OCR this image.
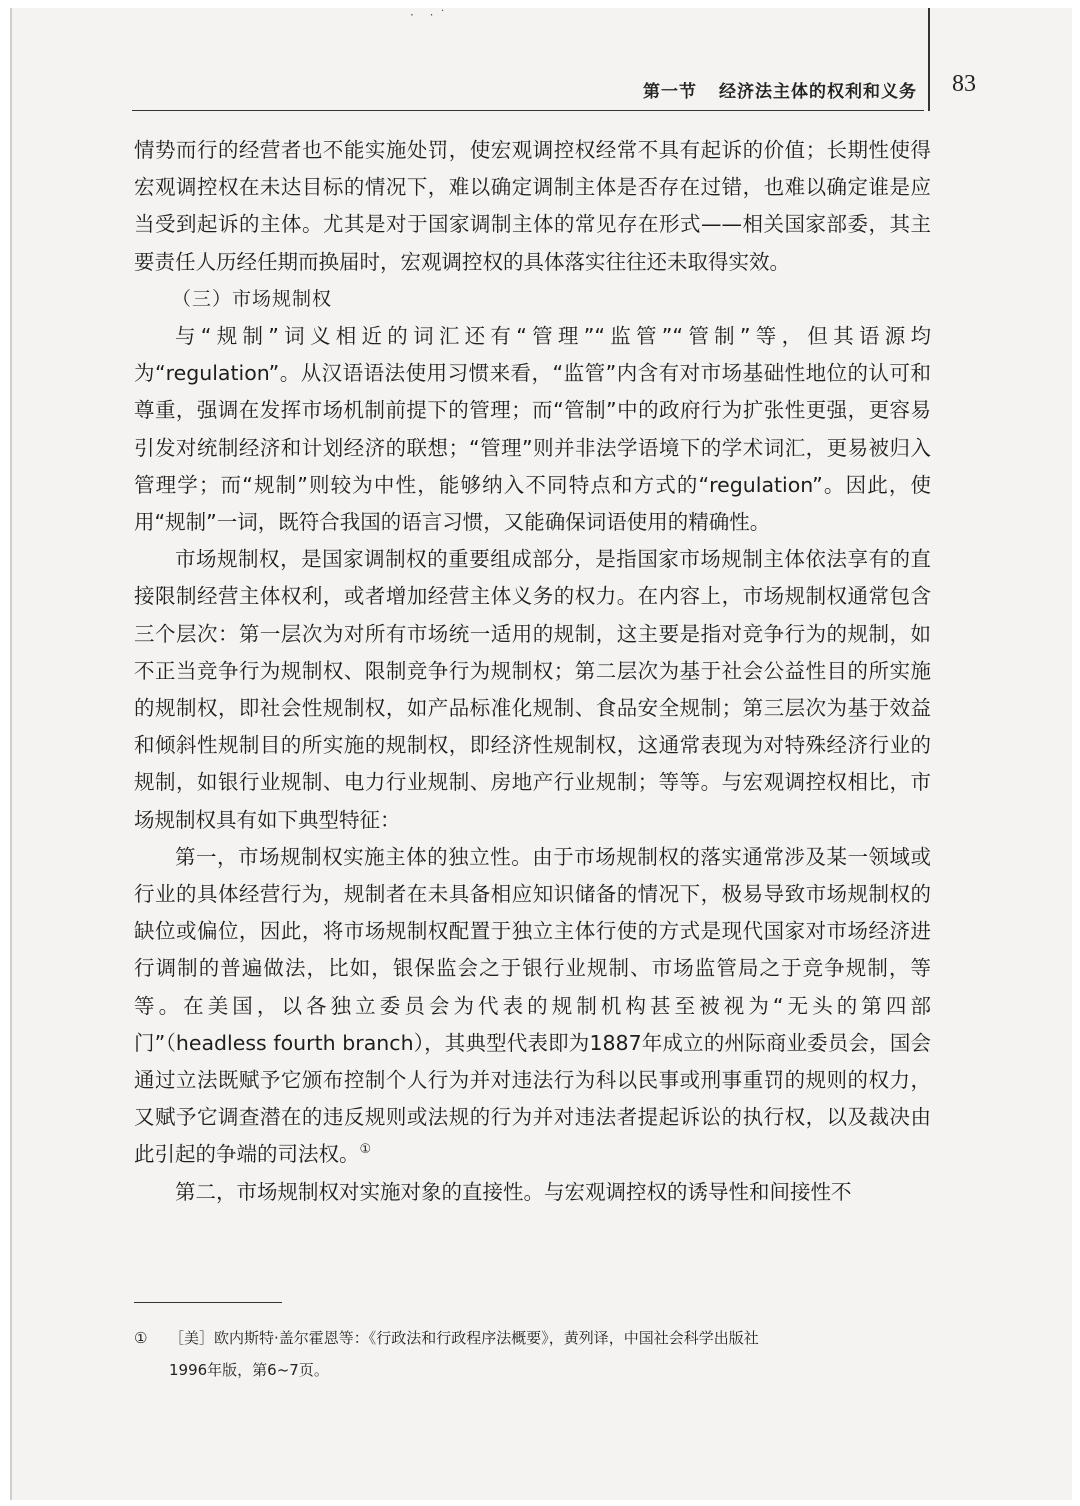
· ·˙
第一节 经济法主体的权利和义务 83

情势而行的经营者也不能实施处罚，使宏观调控权经常不具有起诉的价值；长期性使得宏观调控权在未达目标的情况下，难以确定调制主体是否存在过错，也难以确定谁是应当受到起诉的主体。尤其是对于国家调制主体的常见存在形式——相关国家部委，其主要责任人历经任期而换届时，宏观调控权的具体落实往往还未取得实效。

（三）市场规制权

与“规制”词义相近的词汇还有“管理”“监管”“管制”等，但其语源均为“regulation”。从汉语语法使用习惯来看，“监管”内含有对市场基础性地位的认可和尊重，强调在发挥市场机制前提下的管理；而“管制”中的政府行为扩张性更强，更容易引发对统制经济和计划经济的联想；“管理”则并非法学语境下的学术词汇，更易被归入管理学；而“规制”则较为中性，能够纳入不同特点和方式的“regulation”。因此，使用“规制”一词，既符合我国的语言习惯，又能确保词语使用的精确性。

市场规制权，是国家调制权的重要组成部分，是指国家市场规制主体依法享有的直接限制经营主体权利，或者增加经营主体义务的权力。在内容上，市场规制权通常包含三个层次：第一层次为对所有市场统一适用的规制，这主要是指对竞争行为的规制，如不正当竞争行为规制权、限制竞争行为规制权；第二层次为基于社会公益性目的所实施的规制权，即社会性规制权，如产品标准化规制、食品安全规制；第三层次为基于效益和倾斜性规制目的所实施的规制权，即经济性规制权，这通常表现为对特殊经济行业的规制，如银行业规制、电力行业规制、房地产行业规制；等等。与宏观调控权相比，市场规制权具有如下典型特征：

第一，市场规制权实施主体的独立性。由于市场规制权的落实通常涉及某一领域或行业的具体经营行为，规制者在未具备相应知识储备的情况下，极易导致市场规制权的缺位或偏位，因此，将市场规制权配置于独立主体行使的方式是现代国家对市场经济进行调制的普遍做法，比如，银保监会之于银行业规制、市场监管局之于竞争规制，等等。在美国，以各独立委员会为代表的规制机构甚至被视为“无头的第四部门”（headless fourth branch），其典型代表即为1887年成立的州际商业委员会，国会通过立法既赋予它颁布控制个人行为并对违法行为科以民事或刑事重罚的规则的权力，又赋予它调查潜在的违反规则或法规的行为并对违法者提起诉讼的执行权，以及裁决由此引起的争端的司法权。①

第二，市场规制权对实施对象的直接性。与宏观调控权的诱导性和间接性不

① ［美］欧内斯特·盖尔霍恩等：《行政法和行政程序法概要》，黄列译，中国社会科学出版社
1996年版，第6~7页。
